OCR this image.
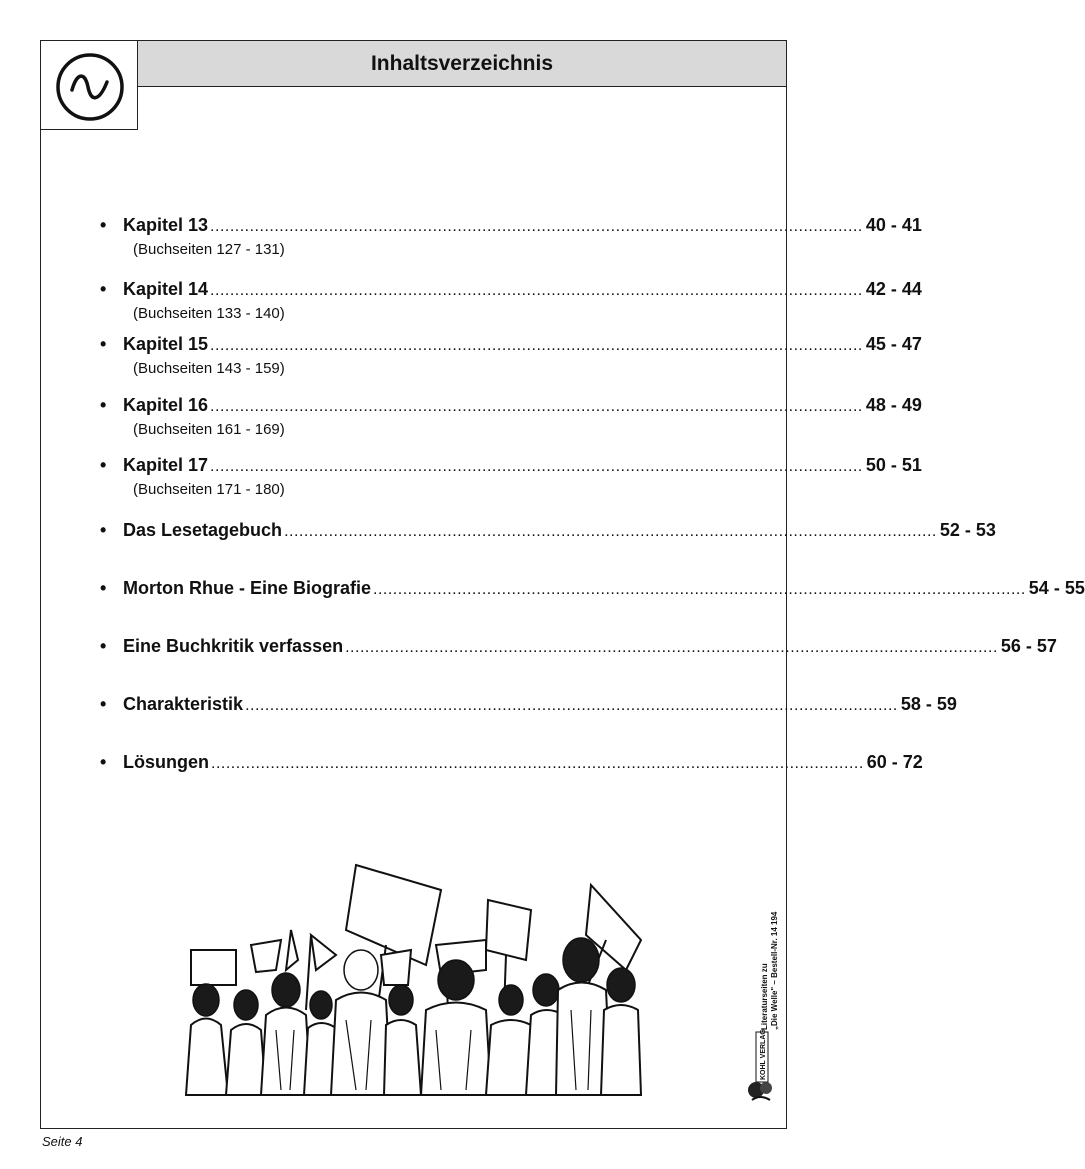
Inhaltsverzeichnis
• Kapitel 13 .................................................................................................................................... 40 - 41
(Buchseiten 127 - 131)
• Kapitel 14 .................................................................................................................................... 42 - 44
(Buchseiten 133 - 140)
• Kapitel 15 .................................................................................................................................... 45 - 47
(Buchseiten 143 - 159)
• Kapitel 16 .................................................................................................................................... 48 - 49
(Buchseiten 161 - 169)
• Kapitel 17 .................................................................................................................................... 50 - 51
(Buchseiten 171 - 180)
• Das Lesetagebuch .................................................................................................................................... 52 - 53
• Morton Rhue - Eine Biografie .................................................................................................................................... 54 - 55
• Eine Buchkritik verfassen .................................................................................................................................... 56 - 57
• Charakteristik .................................................................................................................................... 58 - 59
• Lösungen .................................................................................................................................... 60 - 72
Literaturseiten zu „Die Welle" – Bestell-Nr. 14 194
KOHL VERLAG
Seite 4
